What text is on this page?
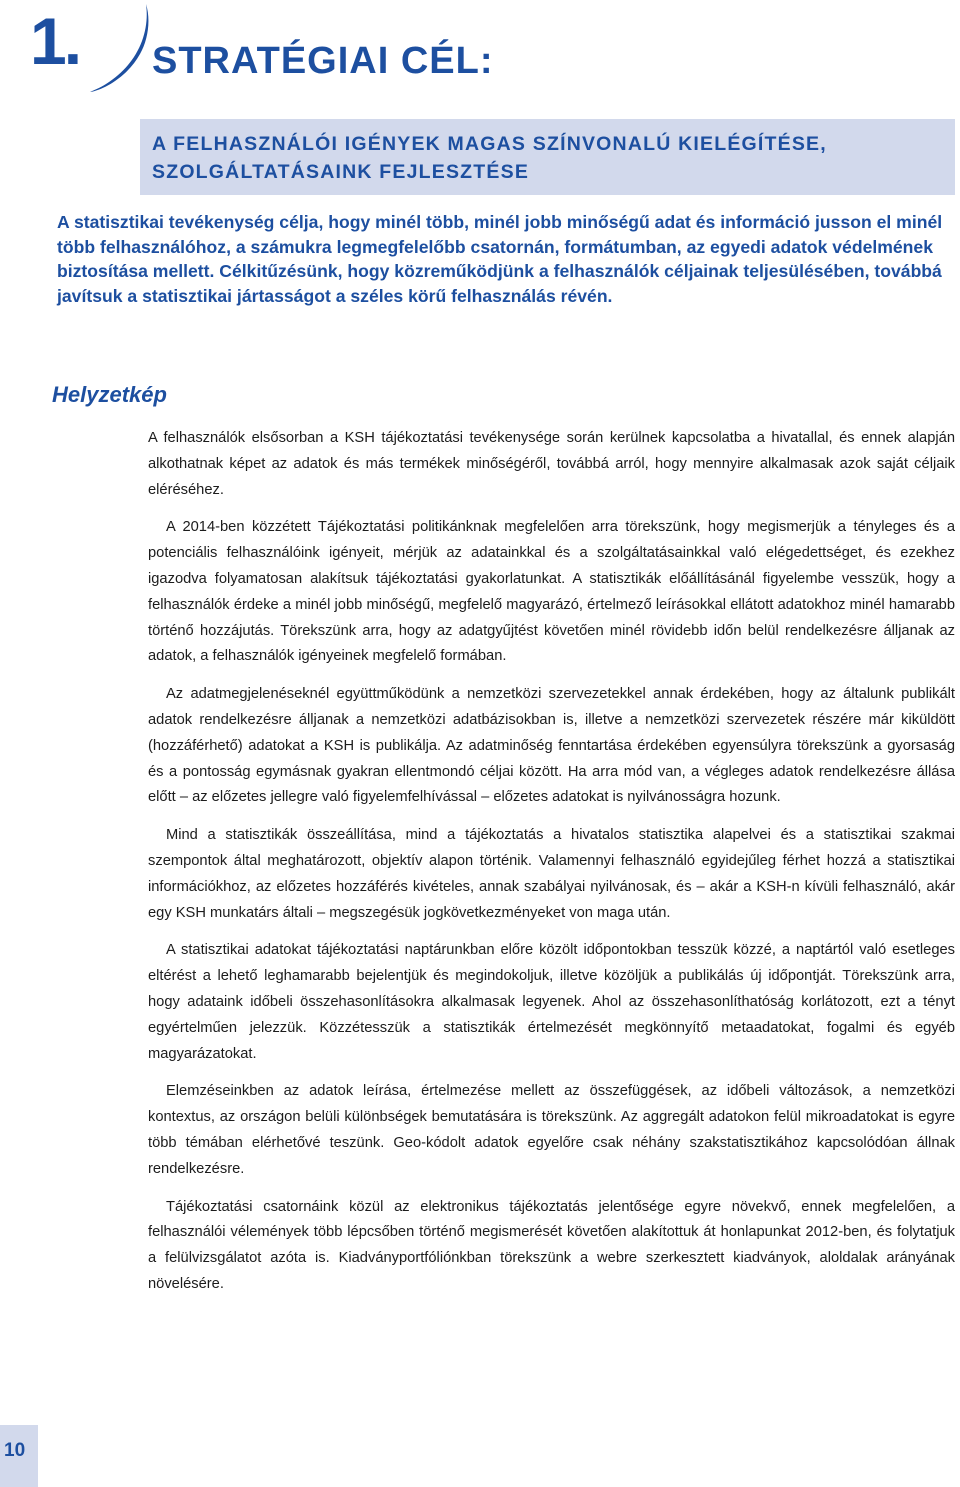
1. STRATÉGIAI CÉL:
A FELHASZNÁLÓI IGÉNYEK MAGAS SZÍNVONALÚ KIELÉGÍTÉSE,
SZOLGÁLTATÁSAINK FEJLESZTÉSE
A statisztikai tevékenység célja, hogy minél több, minél jobb minőségű adat és információ jusson el minél több felhasználóhoz, a számukra legmegfelelőbb csatornán, formátumban, az egyedi adatok védelmének biztosítása mellett. Célkitűzésünk, hogy közreműködjünk a felhasználók céljainak teljesülésében, továbbá javítsuk a statisztikai jártasságot a széles körű felhasználás révén.
Helyzetkép

A felhasználók elsősorban a KSH tájékoztatási tevékenysége során kerülnek kapcsolatba a hivatallal, és ennek alapján alkothatnak képet az adatok és más termékek minőségéről, továbbá arról, hogy mennyire alkalmasak azok saját céljaik eléréséhez.

A 2014-ben közzétett Tájékoztatási politikánknak megfelelően arra törekszünk, hogy megismerjük a tényleges és a potenciális felhasználóink igényeit, mérjük az adatainkkal és a szolgáltatásainkkal való elégedettséget, és ezekhez igazodva folyamatosan alakítsuk tájékoztatási gyakorlatunkat. A statisztikák előállításánál figyelembe vesszük, hogy a felhasználók érdeke a minél jobb minőségű, megfelelő magyarázó, értelmező leírásokkal ellátott adatokhoz minél hamarabb történő hozzájutás. Törekszünk arra, hogy az adatgyűjtést követően minél rövidebb időn belül rendelkezésre álljanak az adatok, a felhasználók igényeinek megfelelő formában.

Az adatmegjelenéseknél együttműködünk a nemzetközi szervezetekkel annak érdekében, hogy az általunk publikált adatok rendelkezésre álljanak a nemzetközi adatbázisokban is, illetve a nemzetközi szervezetek részére már kiküldött (hozzáférhető) adatokat a KSH is publikálja. Az adatminőség fenntartása érdekében egyensúlyra törekszünk a gyorsaság és a pontosság egymásnak gyakran ellentmondó céljai között. Ha arra mód van, a végleges adatok rendelkezésre állása előtt – az előzetes jellegre való figyelemfelhívással – előzetes adatokat is nyilvánosságra hozunk.

Mind a statisztikák összeállítása, mind a tájékoztatás a hivatalos statisztika alapelvei és a statisztikai szakmai szempontok által meghatározott, objektív alapon történik. Valamennyi felhasználó egyidejűleg férhet hozzá a statisztikai információkhoz, az előzetes hozzáférés kivételes, annak szabályai nyilvánosak, és – akár a KSH-n kívüli felhasználó, akár egy KSH munkatárs általi – megszegésük jogkövetkezményeket von maga után.

A statisztikai adatokat tájékoztatási naptárunkban előre közölt időpontokban tesszük közzé, a naptártól való esetleges eltérést a lehető leghamarabb bejelentjük és megindokoljuk, illetve közöljük a publikálás új időpontját. Törekszünk arra, hogy adataink időbeli összehasonlításokra alkalmasak legyenek. Ahol az összehasonlíthatóság korlátozott, ezt a tényt egyértelműen jelezzük. Közzétesszük a statisztikák értelmezését megkönnyítő metaadatokat, fogalmi és egyéb magyarázatokat.

Elemzéseinkben az adatok leírása, értelmezése mellett az összefüggések, az időbeli változások, a nemzetközi kontextus, az országon belüli különbségek bemutatására is törekszünk. Az aggregált adatokon felül mikroadatokat is egyre több témában elérhetővé teszünk. Geo-kódolt adatok egyelőre csak néhány szakstatisztikához kapcsolódóan állnak rendelkezésre.

Tájékoztatási csatornáink közül az elektronikus tájékoztatás jelentősége egyre növekvő, ennek megfelelően, a felhasználói vélemények több lépcsőben történő megismerését követően alakítottuk át honlapunkat 2012-ben, és folytatjuk a felülvizsgálatot azóta is. Kiadványportfóliónkban törekszünk a webre szerkesztett kiadványok, aloldalak arányának növelésére.

10
